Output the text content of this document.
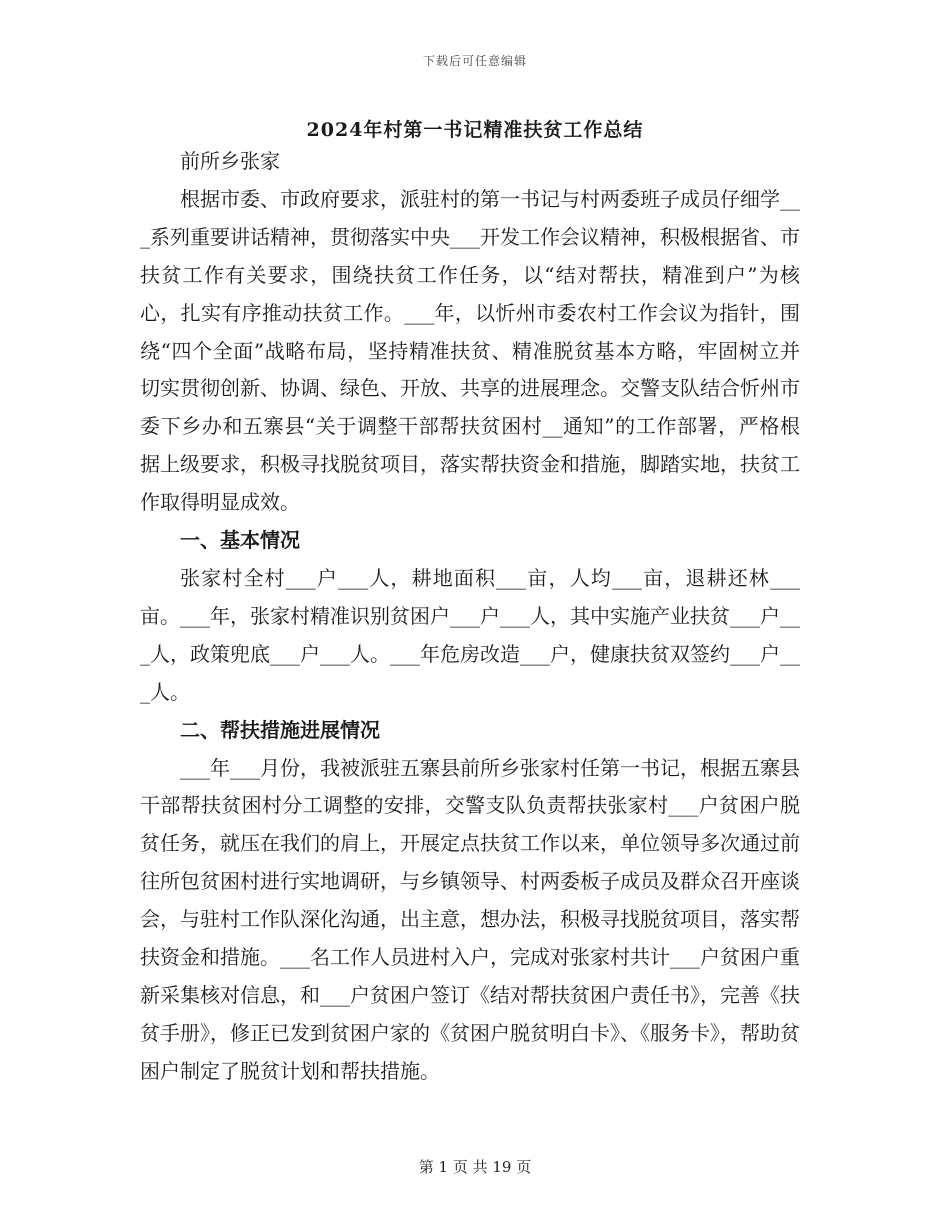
下载后可任意编辑
2024年村第一书记精准扶贫工作总结

前所乡张家

根据市委、市政府要求，派驻村的第一书记与村两委班子成员仔细学___系列重要讲话精神，贯彻落实中央___开发工作会议精神，积极根据省、市扶贫工作有关要求，围绕扶贫工作任务，以“结对帮扶，精准到户”为核心，扎实有序推动扶贫工作。___年，以忻州市委农村工作会议为指针，围绕“四个全面”战略布局，坚持精准扶贫、精准脱贫基本方略，牢固树立并切实贯彻创新、协调、绿色、开放、共享的进展理念。交警支队结合忻州市委下乡办和五寨县“关于调整干部帮扶贫困村__通知”的工作部署，严格根据上级要求，积极寻找脱贫项目，落实帮扶资金和措施，脚踏实地，扶贫工作取得明显成效。

一、基本情况

张家村全村___户___人，耕地面积___亩，人均___亩，退耕还林___亩。___年，张家村精准识别贫困户___户___人，其中实施产业扶贫___户___人，政策兜底___户___人。___年危房改造___户，健康扶贫双签约___户___人。

二、帮扶措施进展情况

___年___月份，我被派驻五寨县前所乡张家村任第一书记，根据五寨县干部帮扶贫困村分工调整的安排，交警支队负责帮扶张家村___户贫困户脱贫任务，就压在我们的肩上，开展定点扶贫工作以来，单位领导多次通过前往所包贫困村进行实地调研，与乡镇领导、村两委板子成员及群众召开座谈会，与驻村工作队深化沟通，出主意，想办法，积极寻找脱贫项目，落实帮扶资金和措施。___名工作人员进村入户，完成对张家村共计___户贫困户重新采集核对信息，和___户贫困户签订《结对帮扶贫困户责任书》，完善《扶贫手册》，修正已发到贫困户家的《贫困户脱贫明白卡》、《服务卡》，帮助贫困户制定了脱贫计划和帮扶措施。

第 1 页 共 19 页
